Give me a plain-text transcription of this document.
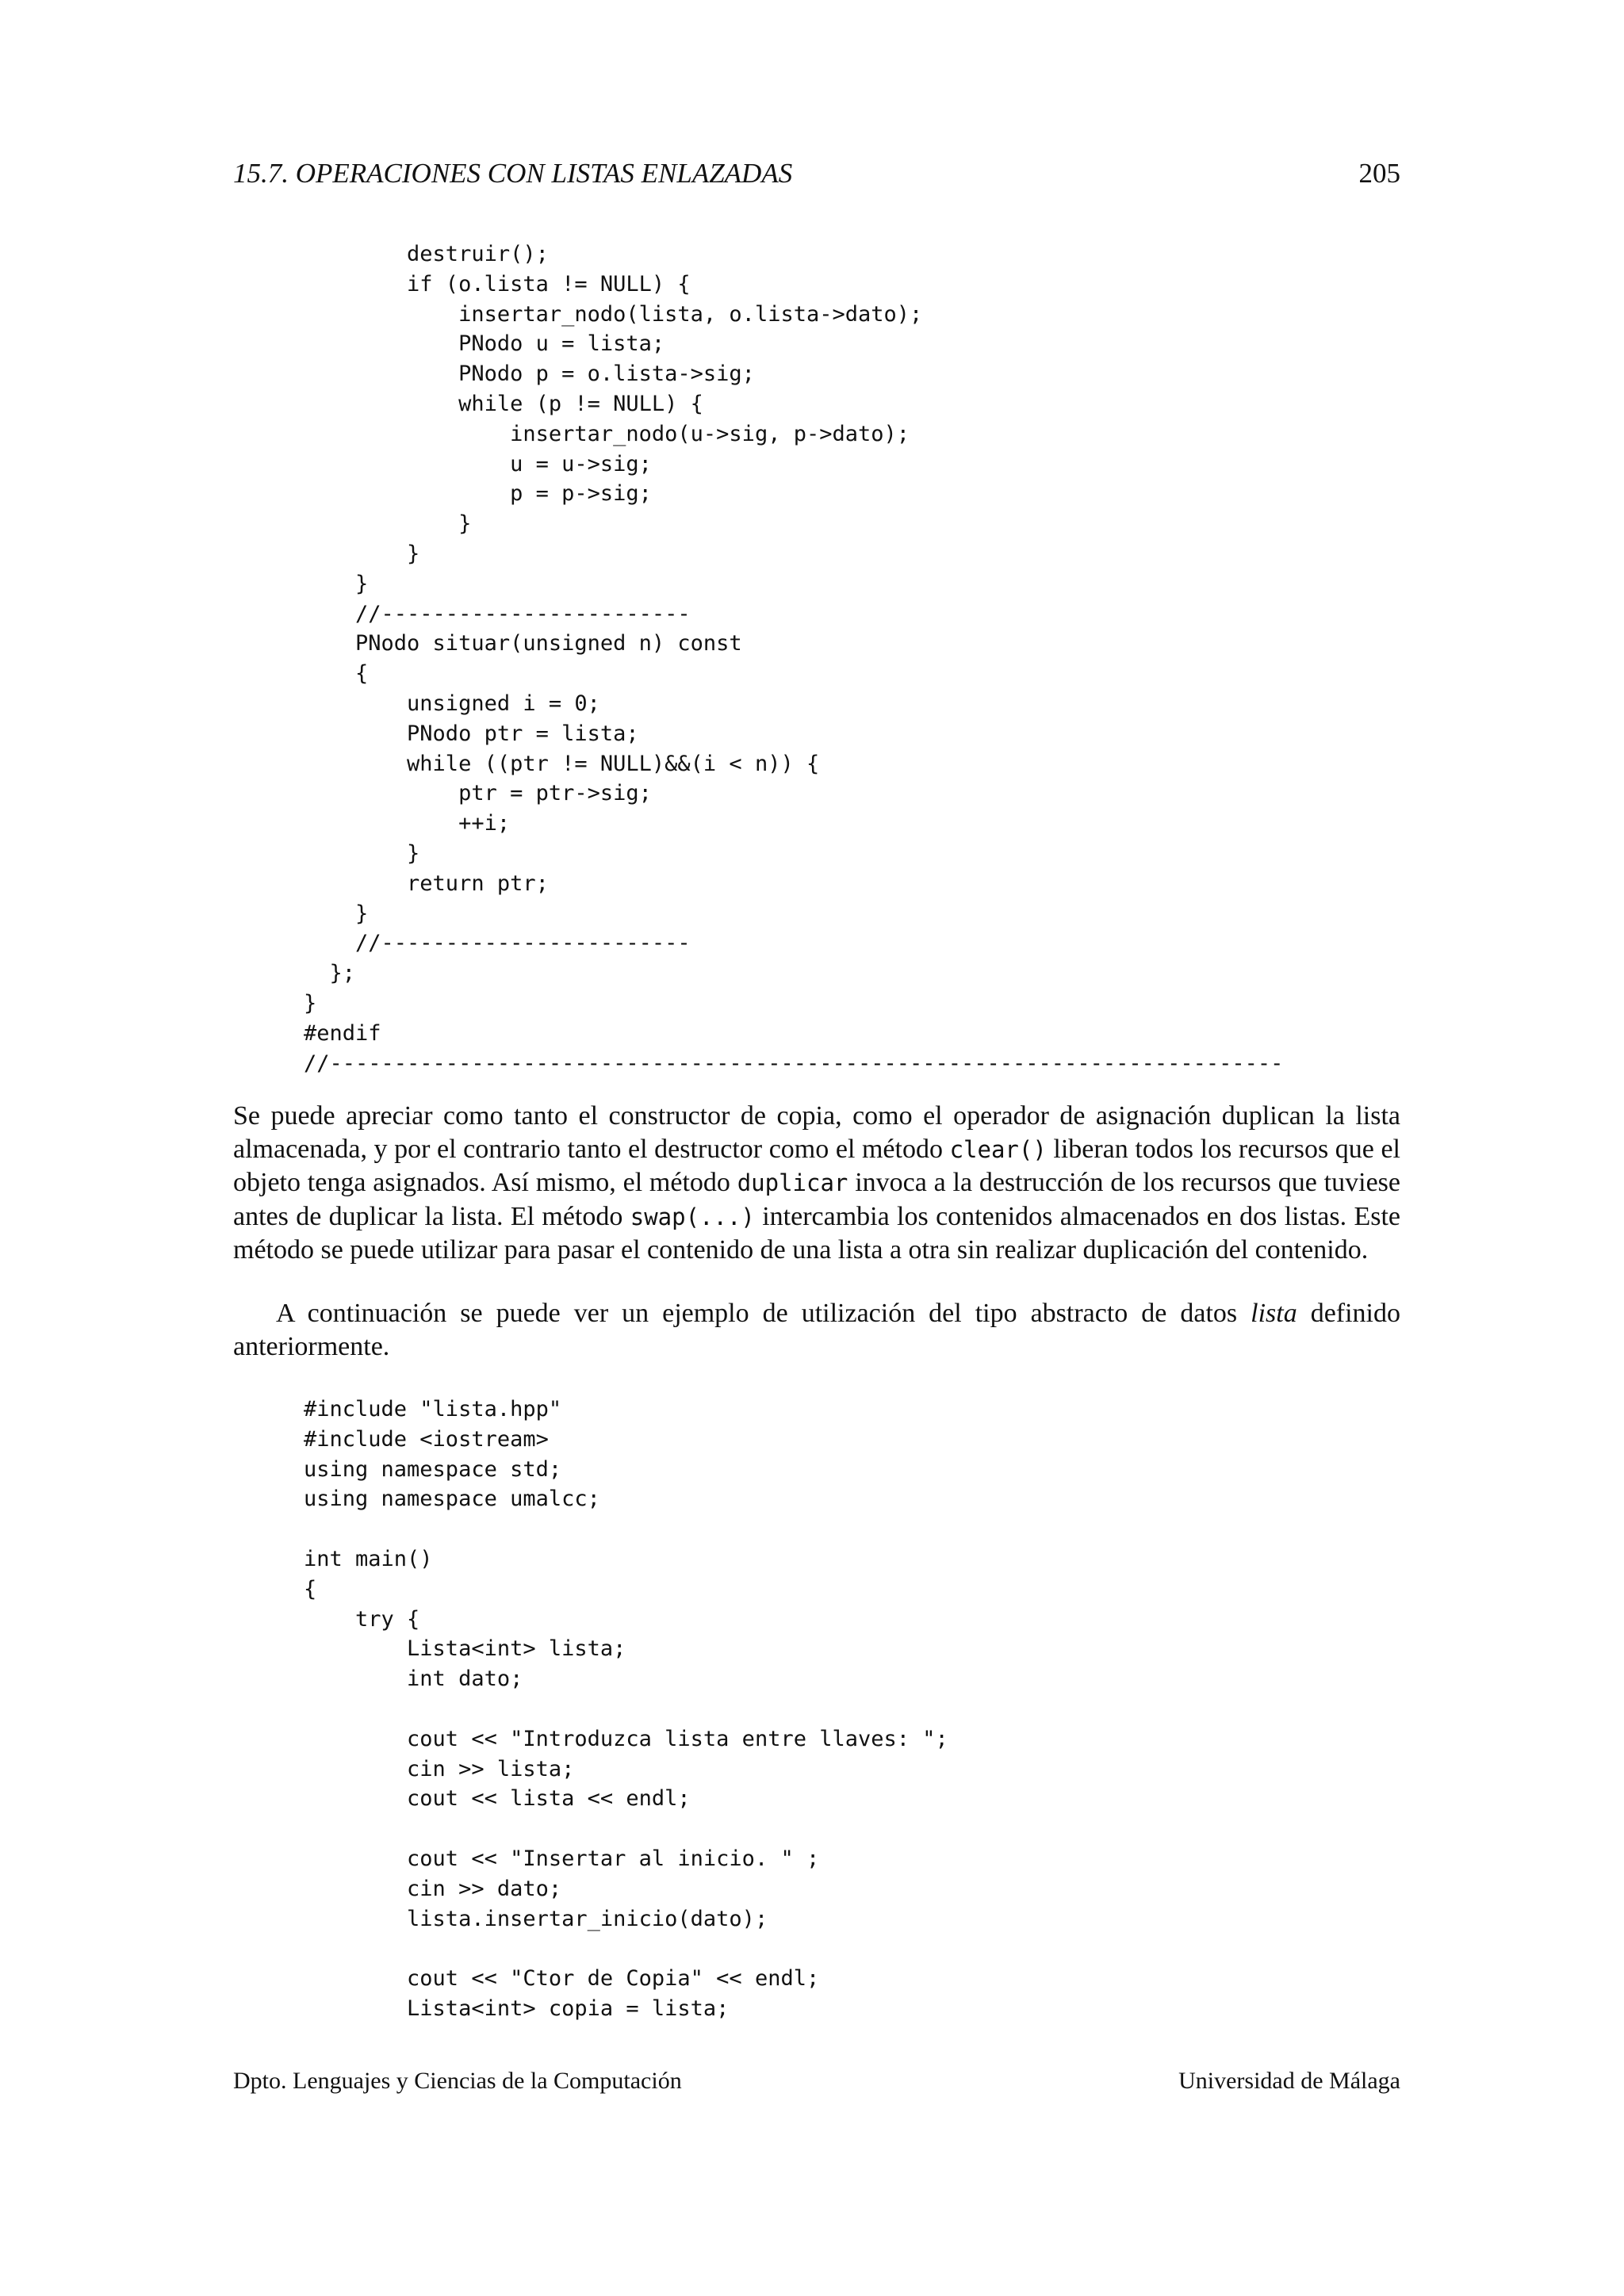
15.7. OPERACIONES CON LISTAS ENLAZADAS	205
destruir();
if (o.lista != NULL) {
insertar_nodo(lista, o.lista->dato);
PNodo u = lista;
PNodo p = o.lista->sig;
while (p != NULL) {
insertar_nodo(u->sig, p->dato);
u = u->sig;
p = p->sig;
}
}
}
//------------------------
PNodo situar(unsigned n) const
{
unsigned i = 0;
PNodo ptr = lista;
while ((ptr != NULL)&&(i < n)) {
ptr = ptr->sig;
++i;
}
return ptr;
}
//------------------------
};
}
#endif
//--------------------------------------------------------------------------

Se puede apreciar como tanto el constructor de copia, como el operador de asignación duplican la lista almacenada, y por el contrario tanto el destructor como el método clear() liberan todos los recursos que el objeto tenga asignados. Así mismo, el método duplicar invoca a la destrucción de los recursos que tuviese antes de duplicar la lista. El método swap(...) intercambia los contenidos almacenados en dos listas. Este método se puede utilizar para pasar el contenido de una lista a otra sin realizar duplicación del contenido.

A continuación se puede ver un ejemplo de utilización del tipo abstracto de datos lista definido anteriormente.

#include "lista.hpp"
#include <iostream>
using namespace std;
using namespace umalcc;

int main()
{
try {
Lista<int> lista;
int dato;

cout << "Introduzca lista entre llaves: ";
cin >> lista;
cout << lista << endl;

cout << "Insertar al inicio. " ;
cin >> dato;
lista.insertar_inicio(dato);

cout << "Ctor de Copia" << endl;
Lista<int> copia = lista;
Dpto. Lenguajes y Ciencias de la Computación	Universidad de Málaga
